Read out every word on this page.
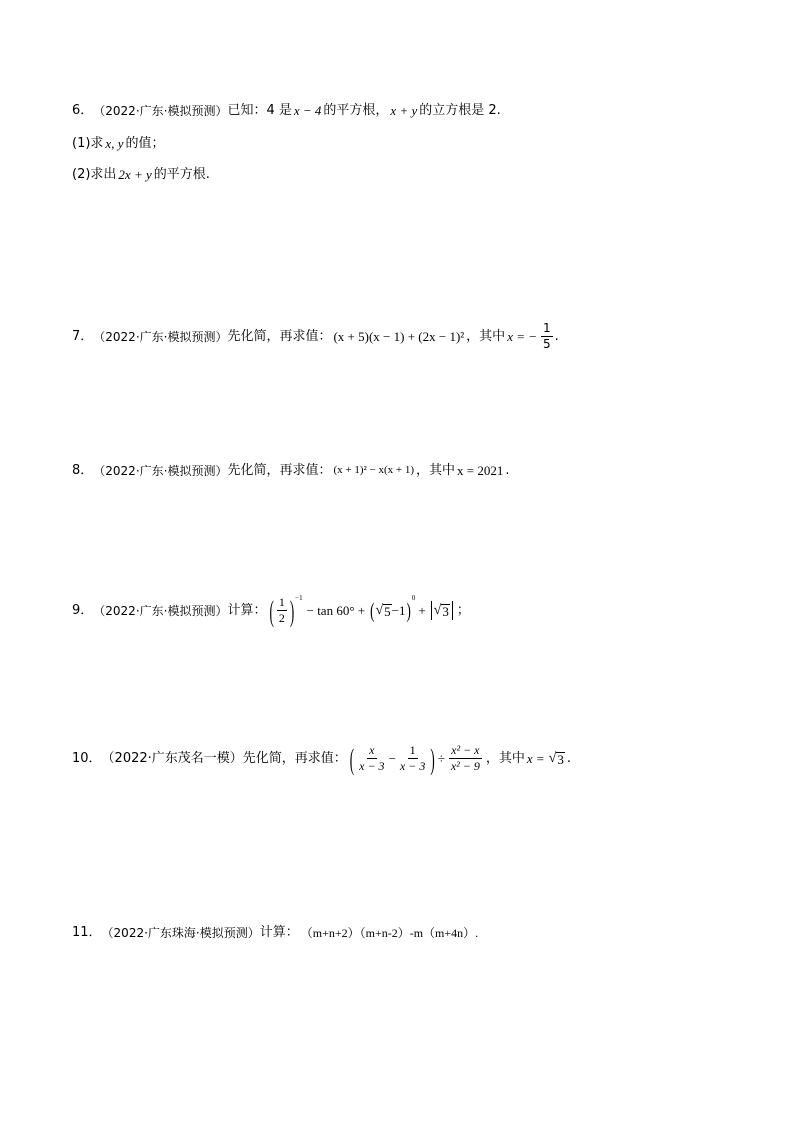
6． （2022·广东·模拟预测） 已知：4 是 x − 4 的平方根， x + y 的立方根是 2.
(1)求 x, y 的值；
(2)求出 2x + y 的平方根.
7． （2022·广东·模拟预测） 先化简，再求值： (x + 5)(x − 1) + (2x − 1)² ，其中 x = − $\frac{1}{5}$ .
8． （2022·广东·模拟预测） 先化简，再求值： (x + 1)² − x(x + 1) ，其中 x = 2021 .
9． （2022·广东·模拟预测） 计算： ( $\frac{1}{2} )^{-1}$
− tan 60° + ( √ 5 −1 )
$^0$
+ √ 3 ；
10． （2022·广东茂名一模） 先化简，再求值： ( $\frac{x}{x - 3} - \frac{1}{x - 3}$ ) ÷ $\frac{\text{x² − x}}{\text{x² − 9}}$ ，其中 x = √ 3 .
11． （2022·广东珠海·模拟预测） 计算： （m+n+2）（m+n-2）-m（m+4n）.
